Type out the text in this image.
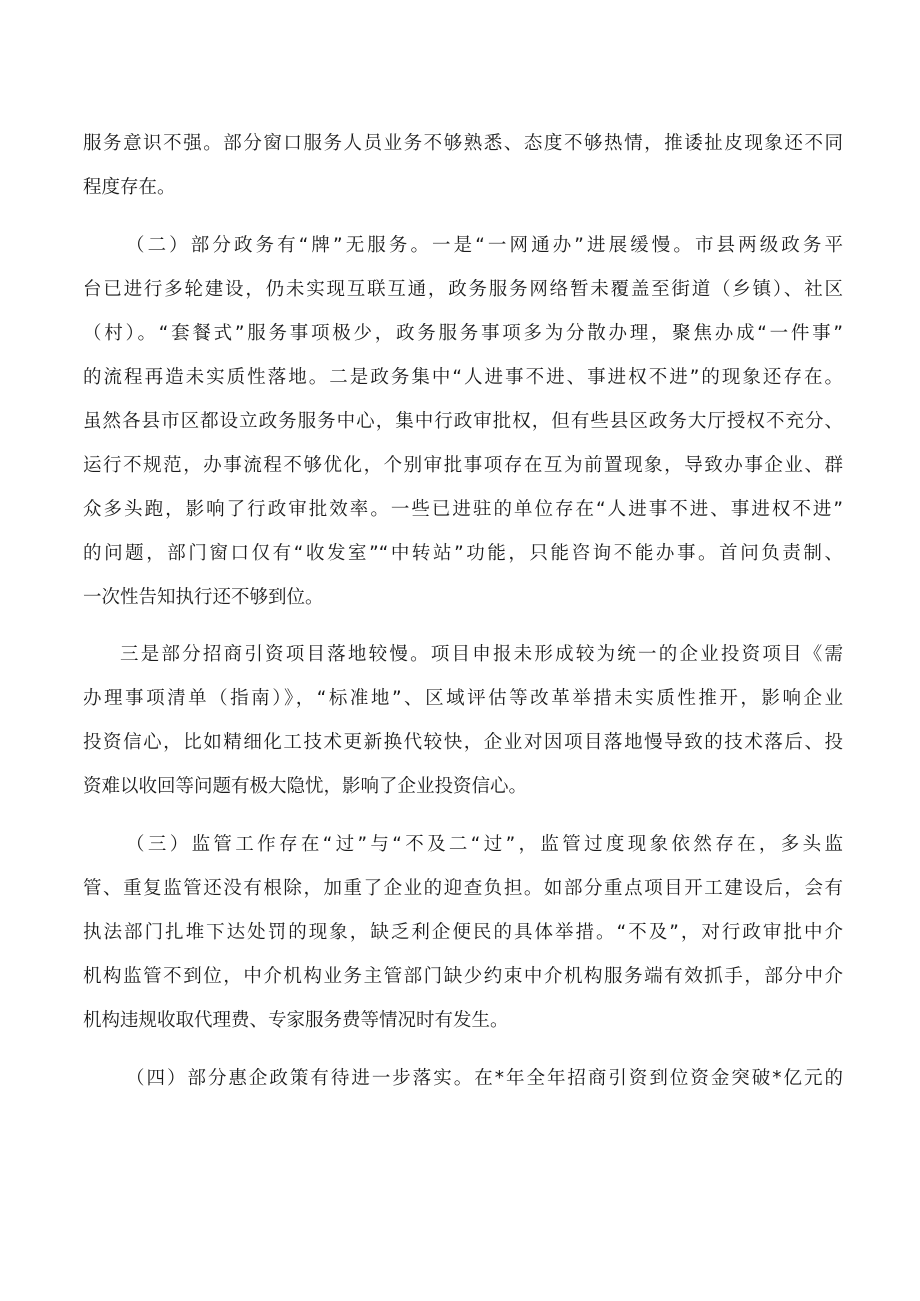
服务意识不强。部分窗口服务人员业务不够熟悉、态度不够热情，推诿扯皮现象还不同
程度存在。
（二）部分政务有“牌”无服务。一是“一网通办”进展缓慢。市县两级政务平
台已进行多轮建设，仍未实现互联互通，政务服务网络暂未覆盖至街道（乡镇）、社区
（村）。“套餐式”服务事项极少，政务服务事项多为分散办理，聚焦办成“一件事”
的流程再造未实质性落地。二是政务集中“人进事不进、事进权不进”的现象还存在。
虽然各县市区都设立政务服务中心，集中行政审批权，但有些县区政务大厅授权不充分、
运行不规范，办事流程不够优化，个别审批事项存在互为前置现象，导致办事企业、群
众多头跑，影响了行政审批效率。一些已进驻的单位存在“人进事不进、事进权不进”
的问题，部门窗口仅有“收发室”“中转站”功能，只能咨询不能办事。首问负责制、
一次性告知执行还不够到位。
三是部分招商引资项目落地较慢。项目申报未形成较为统一的企业投资项目《需
办理事项清单（指南）》，“标准地”、区域评估等改革举措未实质性推开，影响企业
投资信心，比如精细化工技术更新换代较快，企业对因项目落地慢导致的技术落后、投
资难以收回等问题有极大隐忧，影响了企业投资信心。
（三）监管工作存在“过”与“不及二“过”，监管过度现象依然存在，多头监
管、重复监管还没有根除，加重了企业的迎查负担。如部分重点项目开工建设后，会有
执法部门扎堆下达处罚的现象，缺乏利企便民的具体举措。“不及”，对行政审批中介
机构监管不到位，中介机构业务主管部门缺少约束中介机构服务端有效抓手，部分中介
机构违规收取代理费、专家服务费等情况时有发生。
（四）部分惠企政策有待进一步落实。在*年全年招商引资到位资金突破*亿元的
